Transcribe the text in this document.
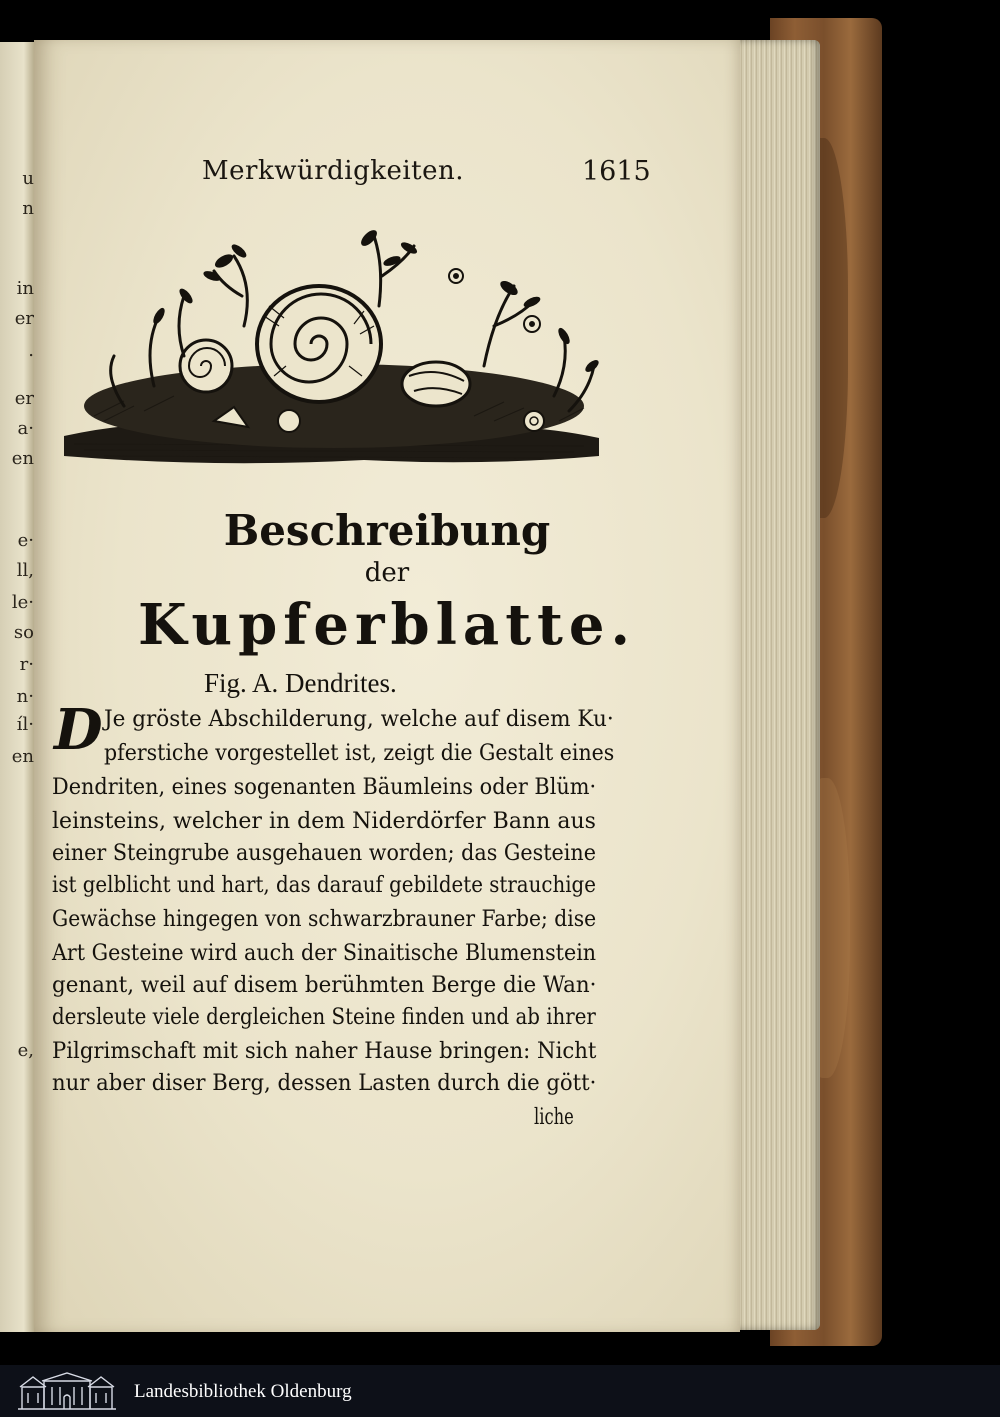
u
n
in
er
.
er
a·
en
e·
ll,
le·
so
r·
n·
íl·
en
e,
Merkwürdigkeiten.	1615
Beschreibung
der
Kupferblatte.
Fig. A. Dendrites.
D Je gröste Abschilderung, welche auf disem Ku·
pferstiche vorgestellet ist, zeigt die Gestalt eines
Dendriten, eines sogenanten Bäumleins oder Blüm·
leinsteins, welcher in dem Niderdörfer Bann aus
einer Steingrube ausgehauen worden; das Gesteine
ist gelblicht und hart, das darauf gebildete strauchige
Gewächse hingegen von schwarzbrauner Farbe; dise
Art Gesteine wird auch der Sinaitische Blumenstein
genant, weil auf disem berühmten Berge die Wan·
dersleute viele dergleichen Steine finden und ab ihrer
Pilgrimschaft mit sich naher Hause bringen: Nicht
nur aber diser Berg, dessen Lasten durch die gött·
liche
Landesbibliothek Oldenburg
